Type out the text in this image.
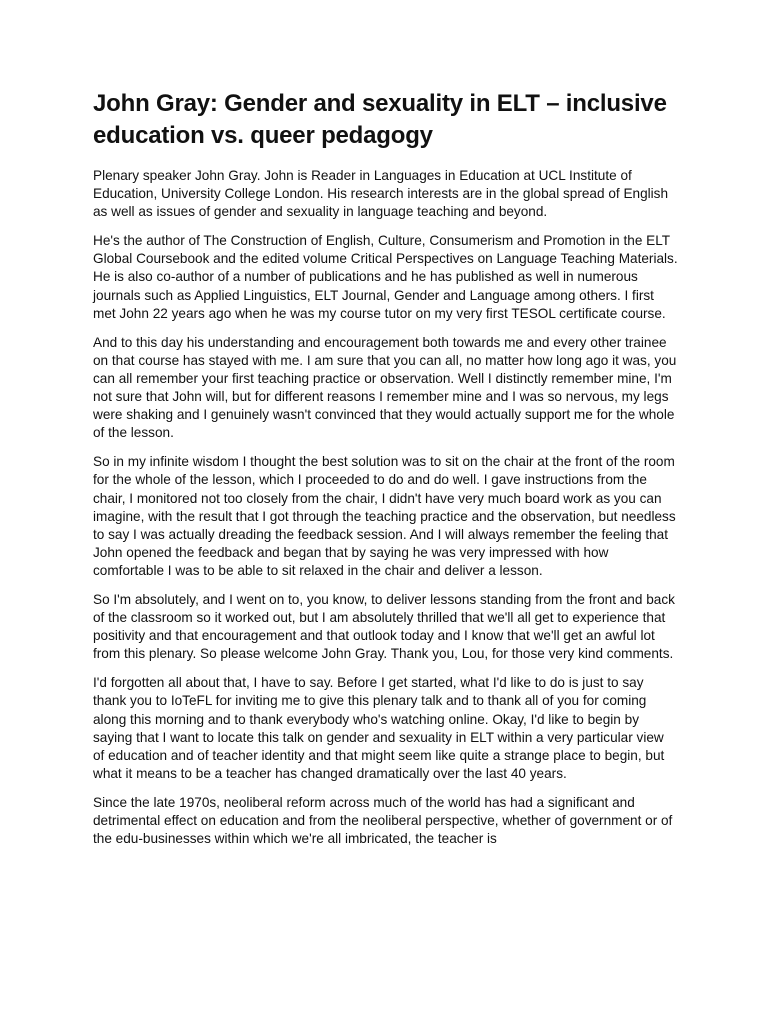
John Gray: Gender and sexuality in ELT – inclusive education vs. queer pedagogy

Plenary speaker John Gray. John is Reader in Languages in Education at UCL Institute of Education, University College London. His research interests are in the global spread of English as well as issues of gender and sexuality in language teaching and beyond.

He's the author of The Construction of English, Culture, Consumerism and Promotion in the ELT Global Coursebook and the edited volume Critical Perspectives on Language Teaching Materials. He is also co-author of a number of publications and he has published as well in numerous journals such as Applied Linguistics, ELT Journal, Gender and Language among others. I first met John 22 years ago when he was my course tutor on my very first TESOL certificate course.

And to this day his understanding and encouragement both towards me and every other trainee on that course has stayed with me. I am sure that you can all, no matter how long ago it was, you can all remember your first teaching practice or observation. Well I distinctly remember mine, I'm not sure that John will, but for different reasons I remember mine and I was so nervous, my legs were shaking and I genuinely wasn't convinced that they would actually support me for the whole of the lesson.

So in my infinite wisdom I thought the best solution was to sit on the chair at the front of the room for the whole of the lesson, which I proceeded to do and do well. I gave instructions from the chair, I monitored not too closely from the chair, I didn't have very much board work as you can imagine, with the result that I got through the teaching practice and the observation, but needless to say I was actually dreading the feedback session. And I will always remember the feeling that John opened the feedback and began that by saying he was very impressed with how comfortable I was to be able to sit relaxed in the chair and deliver a lesson.

So I'm absolutely, and I went on to, you know, to deliver lessons standing from the front and back of the classroom so it worked out, but I am absolutely thrilled that we'll all get to experience that positivity and that encouragement and that outlook today and I know that we'll get an awful lot from this plenary. So please welcome John Gray. Thank you, Lou, for those very kind comments.

I'd forgotten all about that, I have to say. Before I get started, what I'd like to do is just to say thank you to IoTeFL for inviting me to give this plenary talk and to thank all of you for coming along this morning and to thank everybody who's watching online. Okay, I'd like to begin by saying that I want to locate this talk on gender and sexuality in ELT within a very particular view of education and of teacher identity and that might seem like quite a strange place to begin, but what it means to be a teacher has changed dramatically over the last 40 years.

Since the late 1970s, neoliberal reform across much of the world has had a significant and detrimental effect on education and from the neoliberal perspective, whether of government or of the edu-businesses within which we're all imbricated, the teacher is
